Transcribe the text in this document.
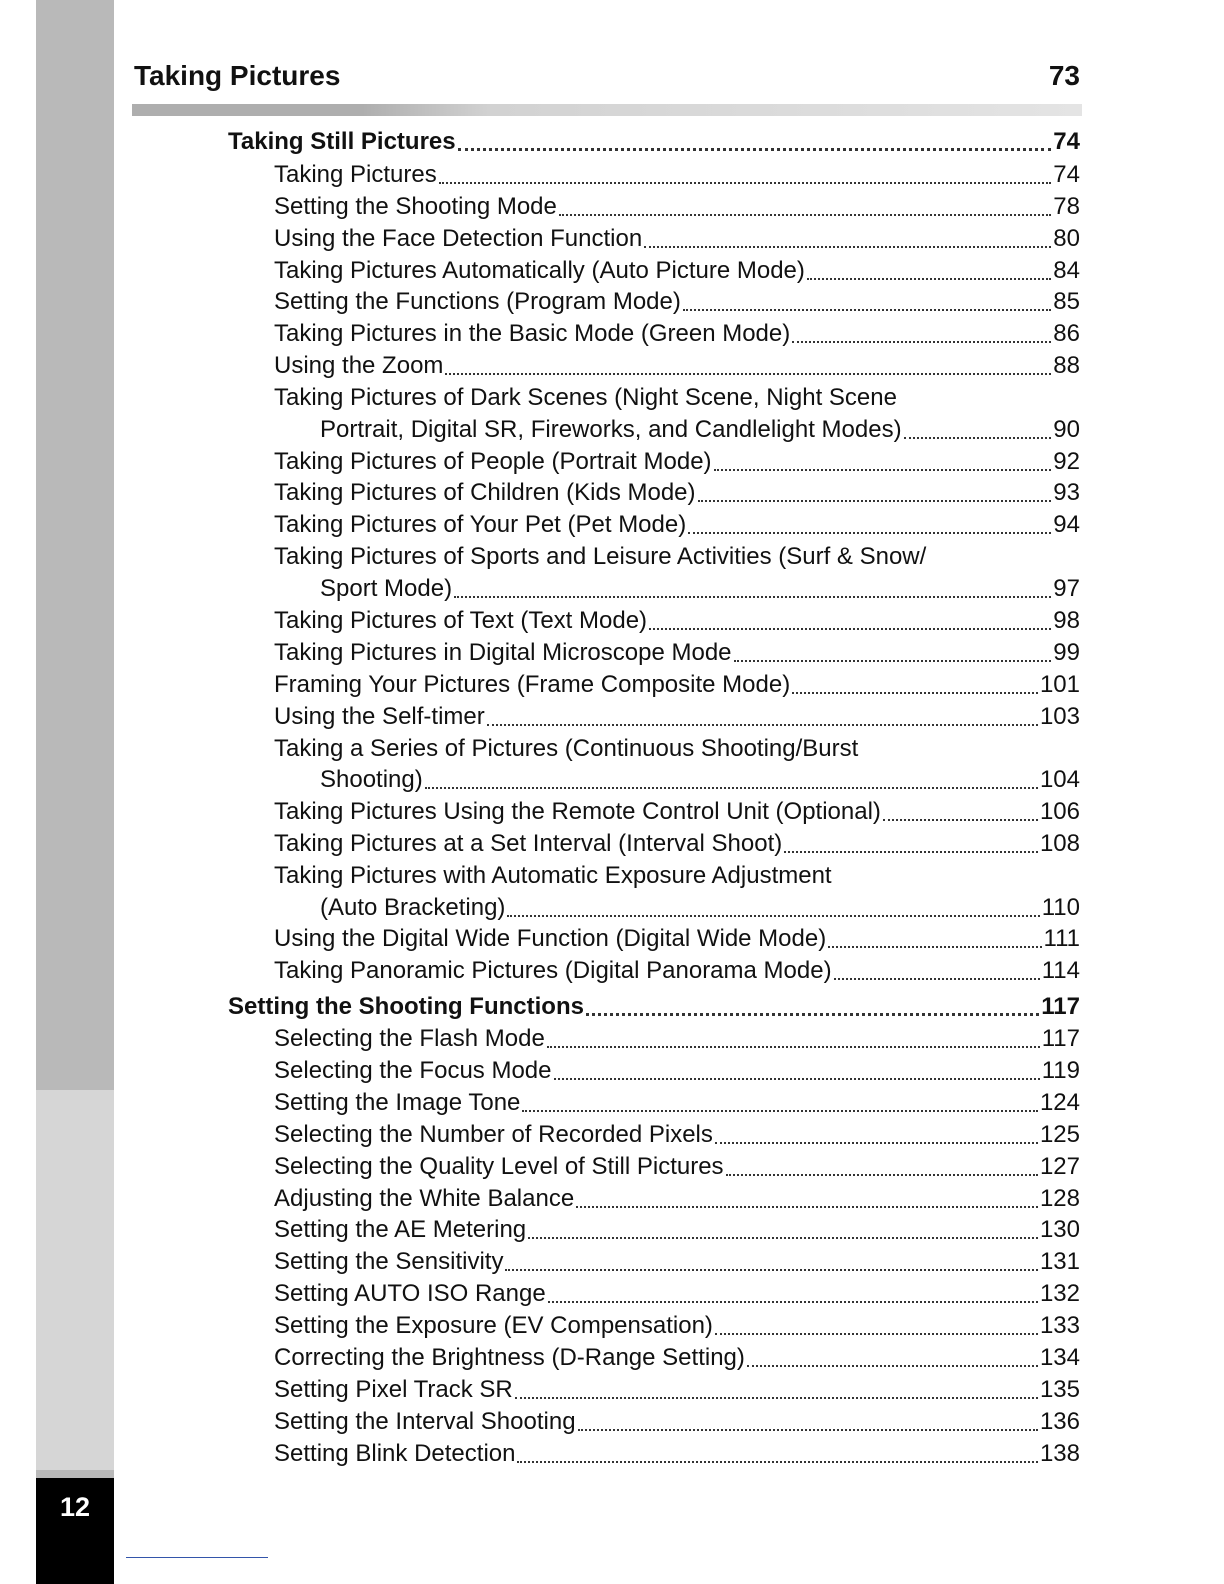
12
Taking Pictures	73
Taking Still Pictures	74
Taking Pictures	74
Setting the Shooting Mode	78
Using the Face Detection Function	80
Taking Pictures Automatically (Auto Picture Mode)	84
Setting the Functions (Program Mode)	85
Taking Pictures in the Basic Mode (Green Mode)	86
Using the Zoom	88
Taking Pictures of Dark Scenes (Night Scene, Night Scene
Portrait, Digital SR, Fireworks, and Candlelight Modes)	90
Taking Pictures of People (Portrait Mode)	92
Taking Pictures of Children (Kids Mode)	93
Taking Pictures of Your Pet (Pet Mode)	94
Taking Pictures of Sports and Leisure Activities (Surf & Snow/
Sport Mode)	97
Taking Pictures of Text (Text Mode)	98
Taking Pictures in Digital Microscope Mode	99
Framing Your Pictures (Frame Composite Mode)	101
Using the Self-timer	103
Taking a Series of Pictures (Continuous Shooting/Burst
Shooting)	104
Taking Pictures Using the Remote Control Unit (Optional)	106
Taking Pictures at a Set Interval (Interval Shoot)	108
Taking Pictures with Automatic Exposure Adjustment
(Auto Bracketing)	110
Using the Digital Wide Function (Digital Wide Mode)	111
Taking Panoramic Pictures (Digital Panorama Mode)	114
Setting the Shooting Functions	117
Selecting the Flash Mode	117
Selecting the Focus Mode	119
Setting the Image Tone	124
Selecting the Number of Recorded Pixels	125
Selecting the Quality Level of Still Pictures	127
Adjusting the White Balance	128
Setting the AE Metering	130
Setting the Sensitivity	131
Setting AUTO ISO Range	132
Setting the Exposure (EV Compensation)	133
Correcting the Brightness (D-Range Setting)	134
Setting Pixel Track SR	135
Setting the Interval Shooting	136
Setting Blink Detection	138
